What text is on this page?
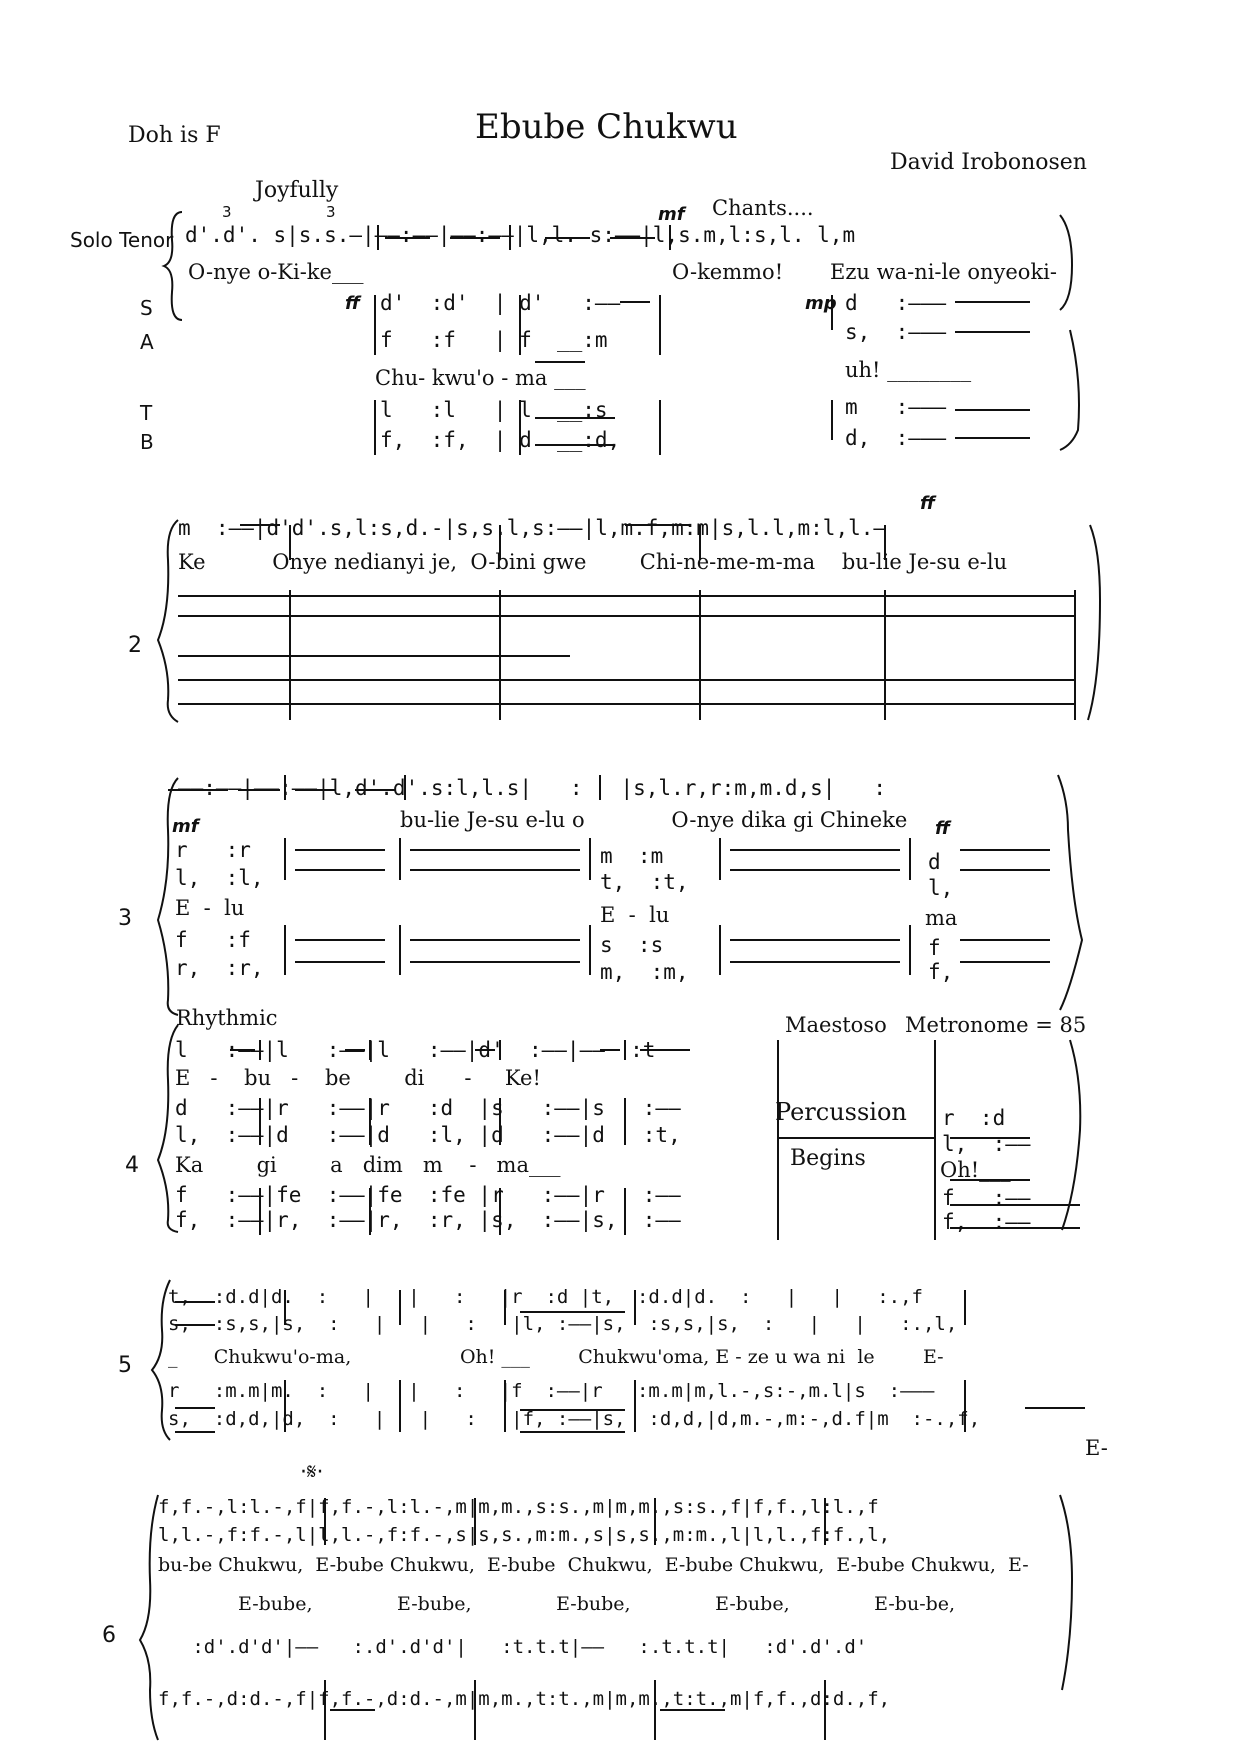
Doh is F	Ebube Chukwu
David Irobonosen
Joyfully
3	3	mf Chants....
Solo Tenor d'.d'. s|s.s.–|——:——|——:——|l,l. s:——|l,s.m,l:s,l. l,m
O-nye o-Ki-ke___	O-kemmo! Ezu wa-ni-le onyeoki-
S
A
T
B
ff d'  :d'  | d'   :——
f   :f   | f  __:m
Chu- kwu'o - ma ___
l   :l   | l  __:s
f,  :f,  | d  __:d,
mp d   :———
s,  :———
uh! ________
m   :———
d,  :———
ff
m  :——|d'd'.s,l:s,d.-|s,s.l,s:——|l,m.f,m:m|s,l.l,m:l,l.—
Ke          Onye nedianyi je,  O-bini gwe        Chi-ne-me-m-ma    bu-lie Je-su e-lu
2
——:——|——:——|l,d'.d'.s:l,l.s|   :   |s,l.r,r:m,m.d,s|   :
bu-lie Je-su e-lu o             O-nye dika gi Chineke
mf	ff
3
r   :r
l,  :l,
E  -  lu
f   :f
r,  :r,
m  :m
t,  :t,
E  -  lu
s  :s
m,  :m,
d
l,
ma
f
f,
Rhythmic	Maestoso Metronome = 85
4
l   :——|l   :——|l   :——|d'  :——|——  :t
E   -    bu   -    be        di      -     Ke!
d   :——|r   :——|r   :d  |s   :——|s   :——
l,  :——|d   :——|d   :l, |d   :——|d   :t,
Ka        gi        a   dim   m    -   ma___
f   :——|fe  :——|fe  :fe |r   :——|r   :——
f,  :——|r,  :——|r,  :r, |s,  :——|s,  :——
Percussion
Begins
r  :d
l,  :——
Oh!___
f   :——
f,  :——
5
t,  :d.d|d.  :   |   |   :   |r  :d |t,  :d.d|d.  :   |   |   :.,f
s,  :s,s,|s,  :   |   |   :   |l, :——|s,  :s,s,|s,  :   |   |   :.,l,
_      Chukwu'o-ma,                  Oh! ___        Chukwu'oma, E - ze u wa ni  le        E-
r   :m.m|m.  :   |   |   :   |f  :——|r   :m.m|m,l.-,s:-,m.l|s  :———
s,  :d,d,|d,  :   |   |   :   |f, :——|s,  :d,d,|d,m.-,m:-,d.f|m  :-.,f,
E-
·𝄋·
6
f,f.-,l:l.-,f|f,f.-,l:l.-,m|m,m.,s:s.,m|m,m.,s:s.,f|f,f.,l:l.,f
l,l.-,f:f.-,l|l,l.-,f:f.-,s|s,s.,m:m.,s|s,s.,m:m.,l|l,l.,f:f.,l,
bu-be Chukwu,  E-bube Chukwu,  E-bube  Chukwu,  E-bube Chukwu,  E-bube Chukwu,  E-
E-bube,              E-bube,              E-bube,              E-bube,              E-bu-be,
:d'.d'd'|——   :.d'.d'd'|   :t.t.t|——   :.t.t.t|   :d'.d'.d'
f,f.-,d:d.-,f|f,f.-,d:d.-,m|m,m.,t:t.,m|m,m.,t:t.,m|f,f.,d:d.,f,
